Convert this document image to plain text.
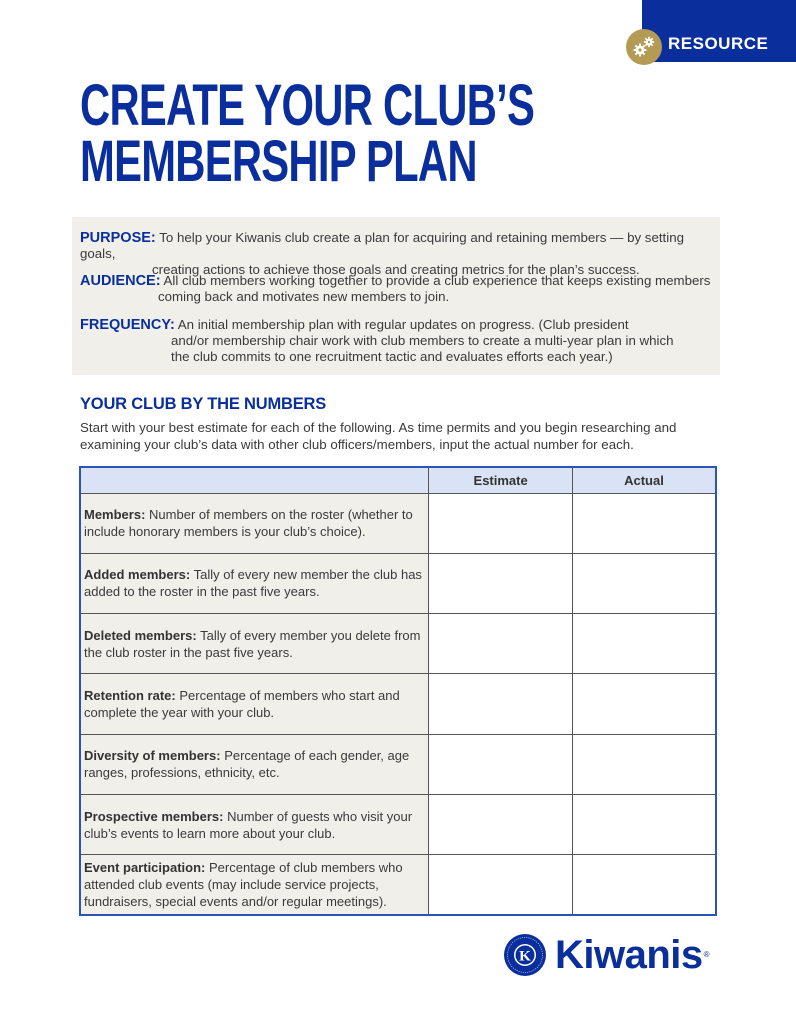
RESOURCE
CREATE YOUR CLUB’S
MEMBERSHIP PLAN
PURPOSE: To help your Kiwanis club create a plan for acquiring and retaining members — by setting goals,
creating actions to achieve those goals and creating metrics for the plan’s success.
AUDIENCE: All club members working together to provide a club experience that keeps existing members
coming back and motivates new members to join.
FREQUENCY: An initial membership plan with regular updates on progress. (Club president
and/or membership chair work with club members to create a multi-year plan in which
the club commits to one recruitment tactic and evaluates efforts each year.)
YOUR CLUB BY THE NUMBERS

Start with your best estimate for each of the following. As time permits and you begin researching and examining your club’s data with other club officers/members, input the actual number for each.

	Estimate	Actual
Members: Number of members on the roster (whether to include honorary members is your club’s choice).		
Added members: Tally of every new member the club has added to the roster in the past five years.		
Deleted members: Tally of every member you delete from the club roster in the past five years.		
Retention rate: Percentage of members who start and complete the year with your club.		
Diversity of members: Percentage of each gender, age ranges, professions, ethnicity, etc.		
Prospective members: Number of guests who visit your club’s events to learn more about your club.		
Event participation: Percentage of club members who attended club events (may include service projects, fundraisers, special events and/or regular meetings).		
K Kiwanis ®
